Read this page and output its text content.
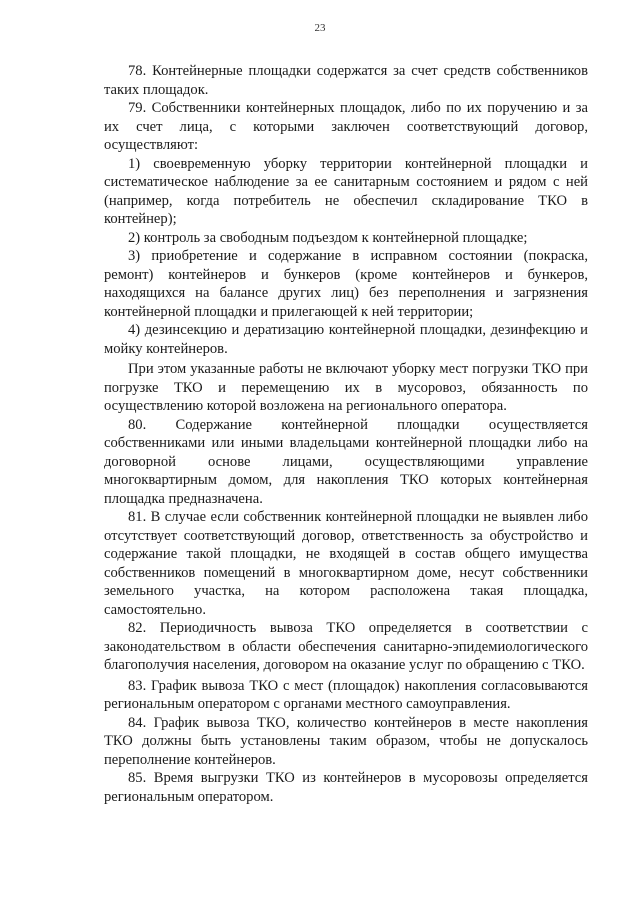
23

78. Контейнерные площадки содержатся за счет средств собственников таких площадок.

79. Собственники контейнерных площадок, либо по их поручению и за их счет лица, с которыми заключен соответствующий договор, осуществляют:

1) своевременную уборку территории контейнерной площадки и систематическое наблюдение за ее санитарным состоянием и рядом с ней (например, когда потребитель не обеспечил складирование ТКО в контейнер);

2) контроль за свободным подъездом к контейнерной площадке;

3) приобретение и содержание в исправном состоянии (покраска, ремонт) контейнеров и бункеров (кроме контейнеров и бункеров, находящихся на балансе других лиц) без переполнения и загрязнения контейнерной площадки и прилегающей к ней территории;

4) дезинсекцию и дератизацию контейнерной площадки, дезинфекцию и мойку контейнеров.

При этом указанные работы не включают уборку мест погрузки ТКО при погрузке ТКО и перемещению их в мусоровоз, обязанность по осуществлению которой возложена на регионального оператора.

80. Содержание контейнерной площадки осуществляется собственниками или иными владельцами контейнерной площадки либо на договорной основе лицами, осуществляющими управление многоквартирным домом, для накопления ТКО которых контейнерная площадка предназначена.

81. В случае если собственник контейнерной площадки не выявлен либо отсутствует соответствующий договор, ответственность за обустройство и содержание такой площадки, не входящей в состав общего имущества собственников помещений в многоквартирном доме, несут собственники земельного участка, на котором расположена такая площадка, самостоятельно.

82. Периодичность вывоза ТКО определяется в соответствии с законодательством в области обеспечения санитарно-эпидемиологического благополучия населения, договором на оказание услуг по обращению с ТКО.

83. График вывоза ТКО с мест (площадок) накопления согласовываются региональным оператором с органами местного самоуправления.

84. График вывоза ТКО, количество контейнеров в месте накопления ТКО должны быть установлены таким образом, чтобы не допускалось переполнение контейнеров.

85. Время выгрузки ТКО из контейнеров в мусоровозы определяется региональным оператором.
